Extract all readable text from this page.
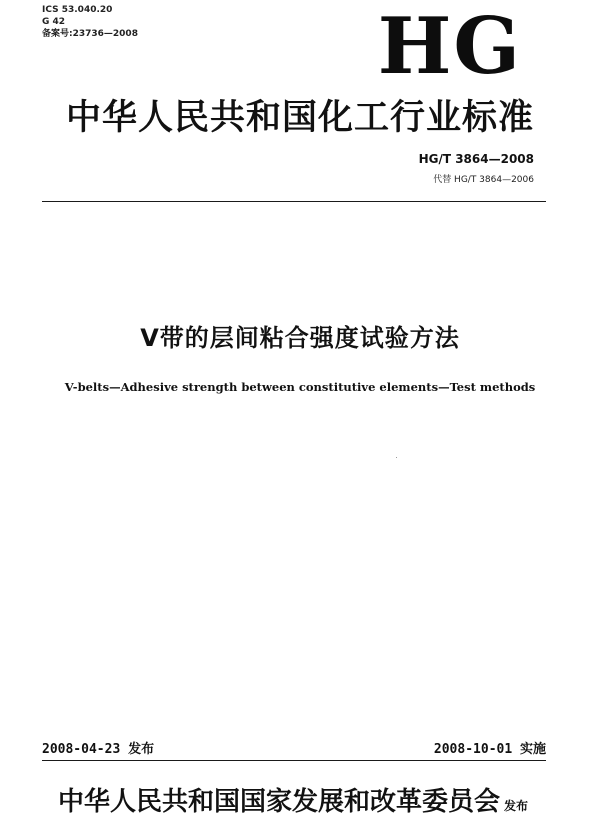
ICS 53.040.20
G 42
备案号:23736—2008	HG
中华人民共和国化工行业标准
HG/T 3864—2008
代替 HG/T 3864—2006
V带的层间粘合强度试验方法
V-belts—Adhesive strength between constitutive elements—Test methods
2008-04-23 发布	2008-10-01 实施
中华人民共和国国家发展和改革委员会 发布
